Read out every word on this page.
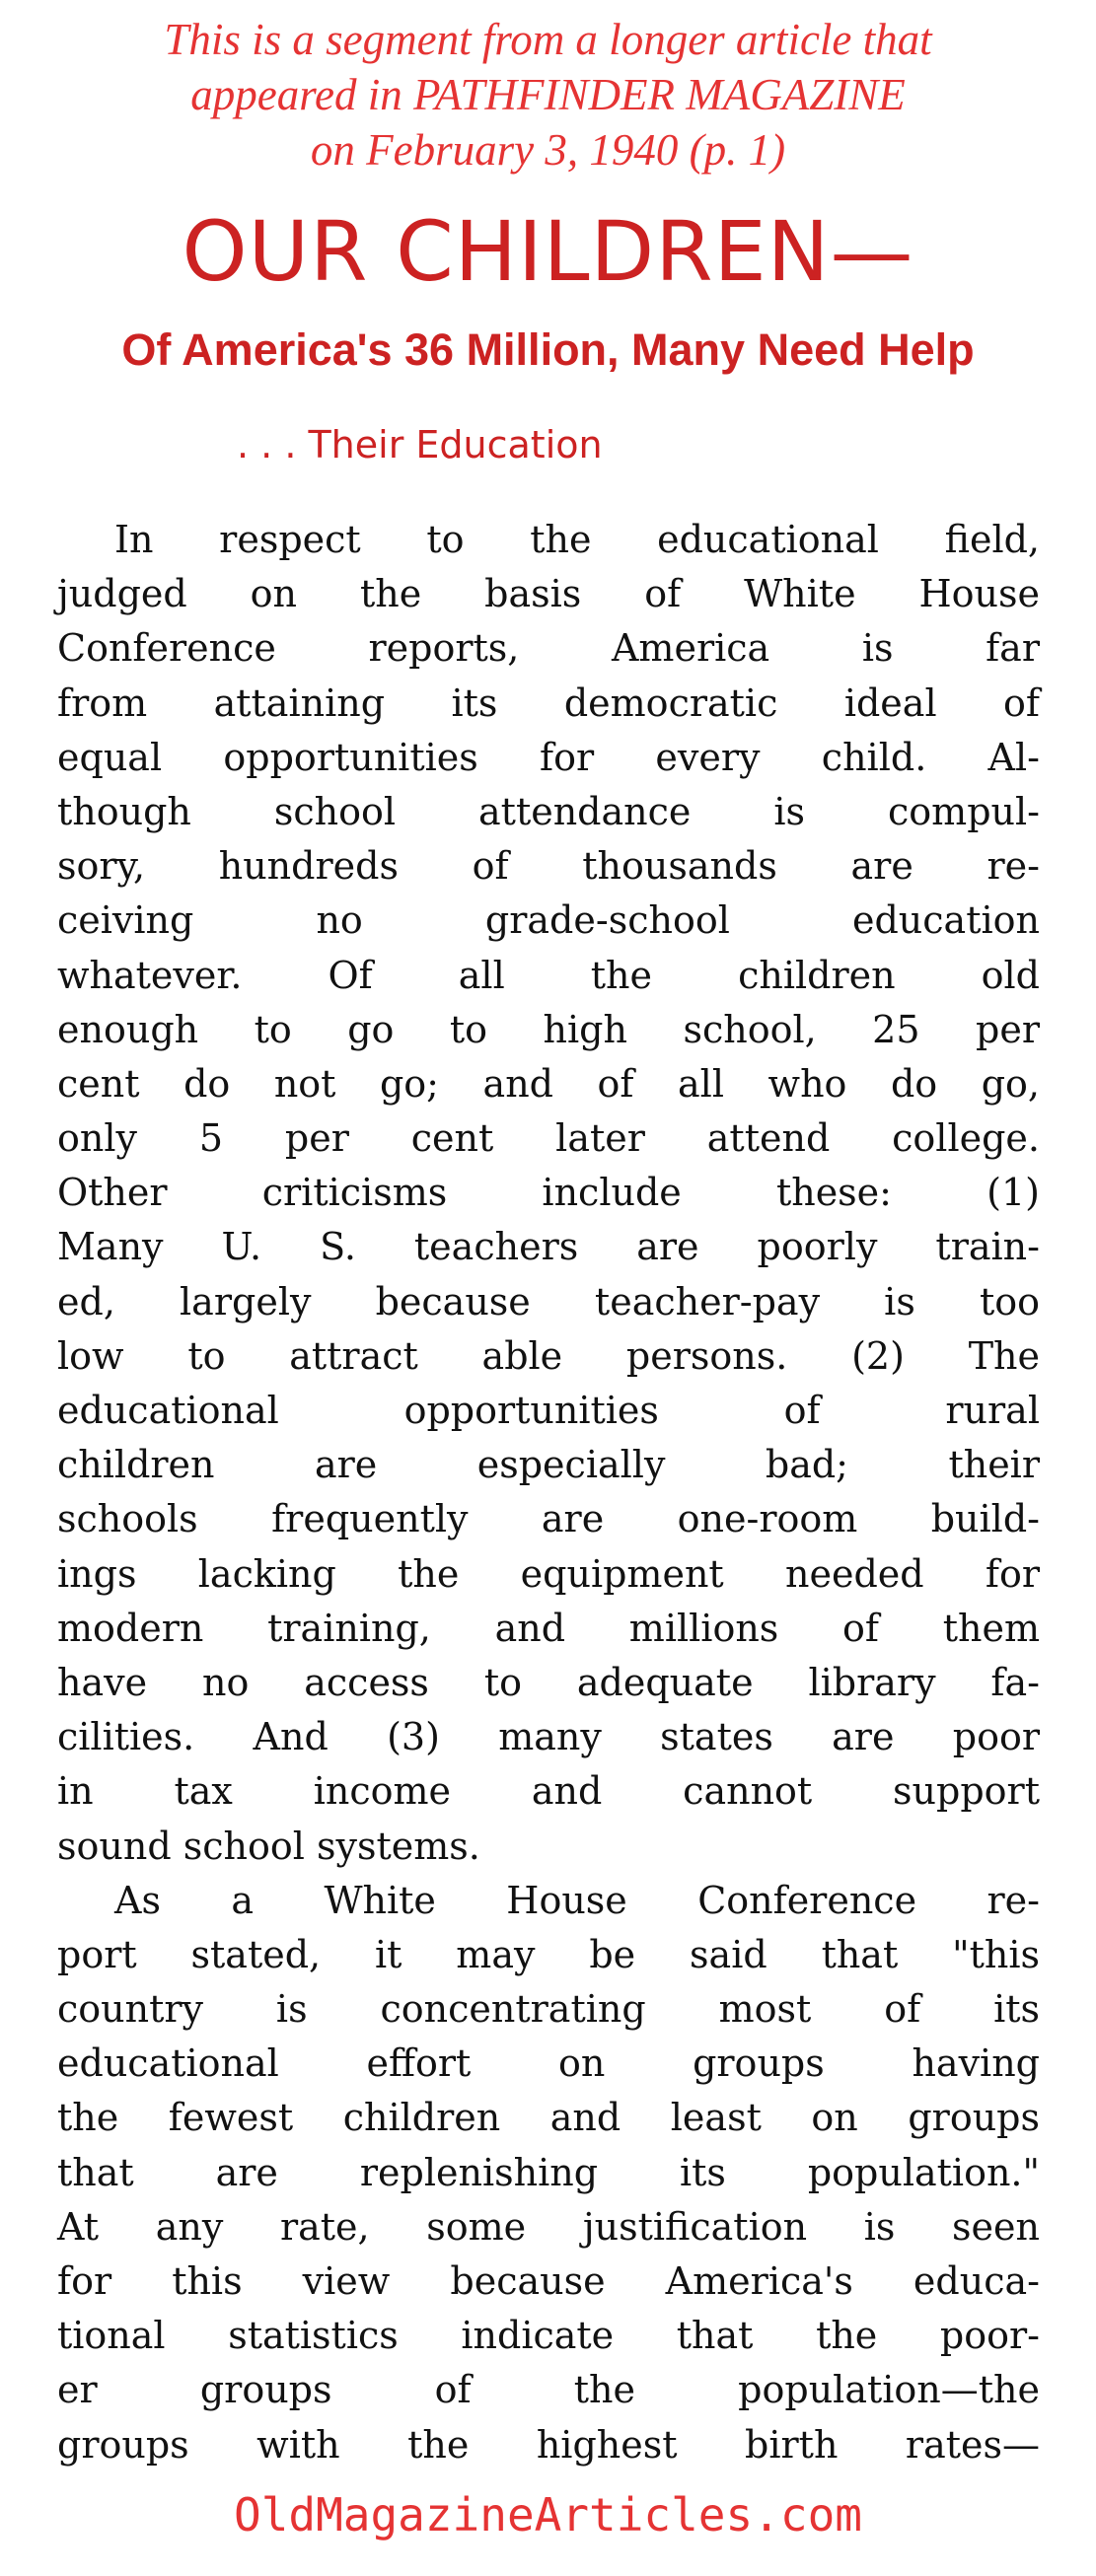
This is a segment from a longer article that
appeared in PATHFINDER MAGAZINE
on February 3, 1940 (p. 1)
OUR CHILDREN—
Of America's 36 Million, Many Need Help
. . . Their Education
In respect to the educational field,
judged on the basis of White House
Conference reports, America is far
from attaining its democratic ideal of
equal opportunities for every child. Al-
though school attendance is compul-
sory, hundreds of thousands are re-
ceiving no grade-school education
whatever. Of all the children old
enough to go to high school, 25 per
cent do not go; and of all who do go,
only 5 per cent later attend college.
Other criticisms include these: (1)
Many U. S. teachers are poorly train-
ed, largely because teacher-pay is too
low to attract able persons. (2) The
educational opportunities of rural
children are especially bad; their
schools frequently are one-room build-
ings lacking the equipment needed for
modern training, and millions of them
have no access to adequate library fa-
cilities. And (3) many states are poor
in tax income and cannot support
sound school systems.
As a White House Conference re-
port stated, it may be said that "this
country is concentrating most of its
educational effort on groups having
the fewest children and least on groups
that are replenishing its population."
At any rate, some justification is seen
for this view because America's educa-
tional statistics indicate that the poor-
er groups of the population—the
groups with the highest birth rates—
OldMagazineArticles.com
